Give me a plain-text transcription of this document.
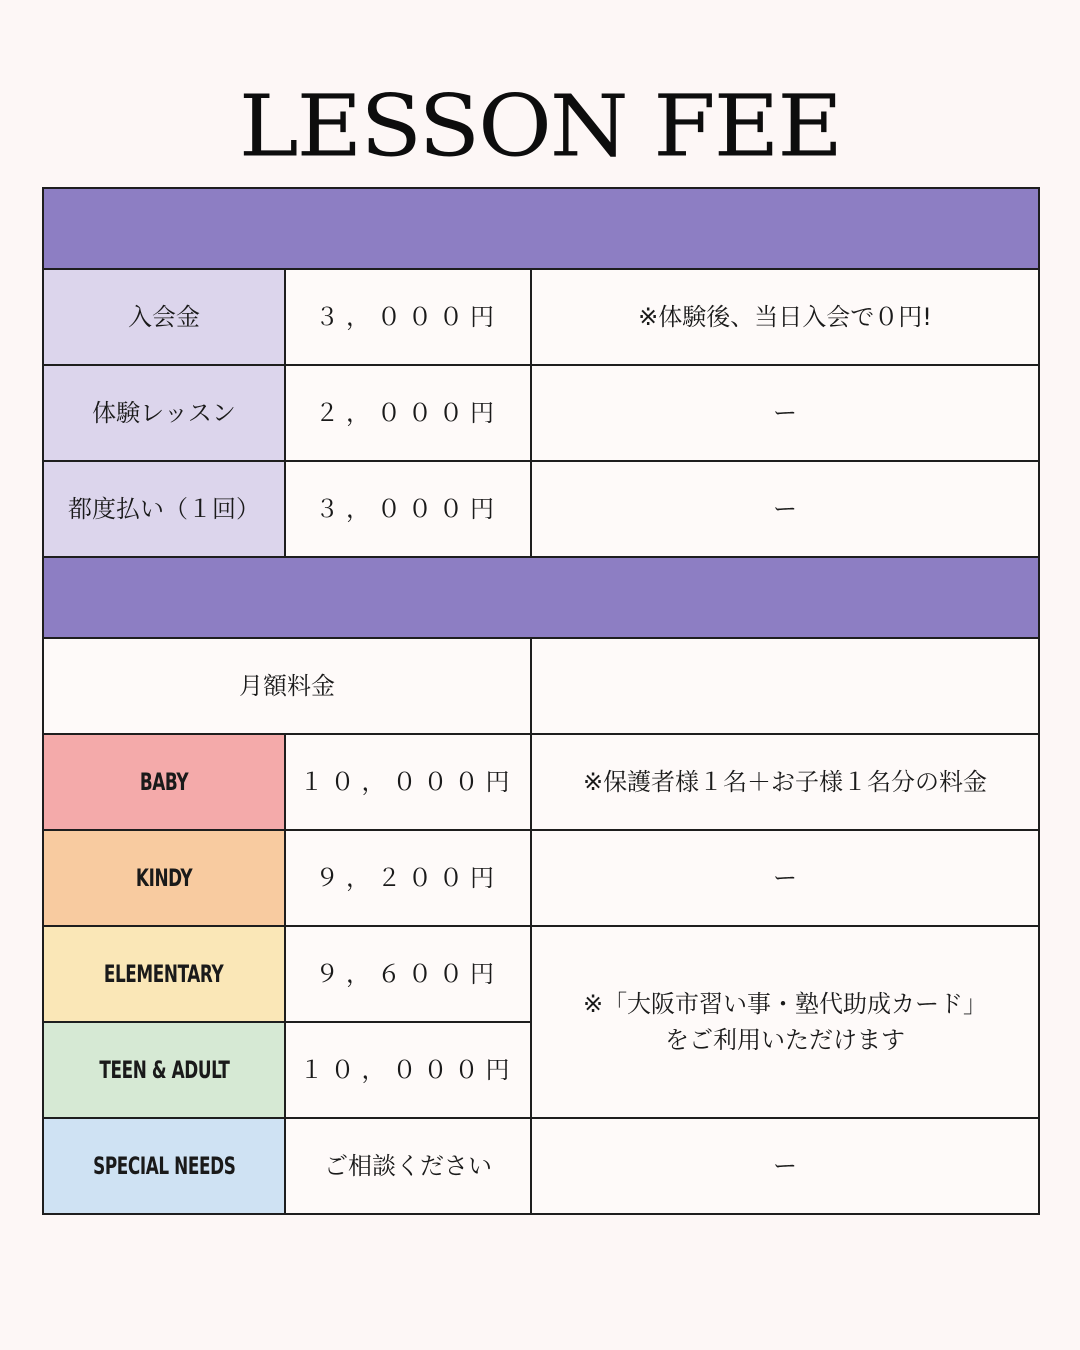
LESSON FEE

入会金	３，０００円	※体験後、当日入会で０円!
体験レッスン	２，０００円	ー
都度払い（１回）	３，０００円	ー

月額料金		
BABY	１０，０００円	※保護者様１名＋お子様１名分の料金
KINDY	９，２００円	ー
ELEMENTARY	９，６００円	※「大阪市習い事・塾代助成カード」
をご利用いただけます

TEEN & ADULT	１０，０００円	
SPECIAL NEEDS	ご相談ください	ー
